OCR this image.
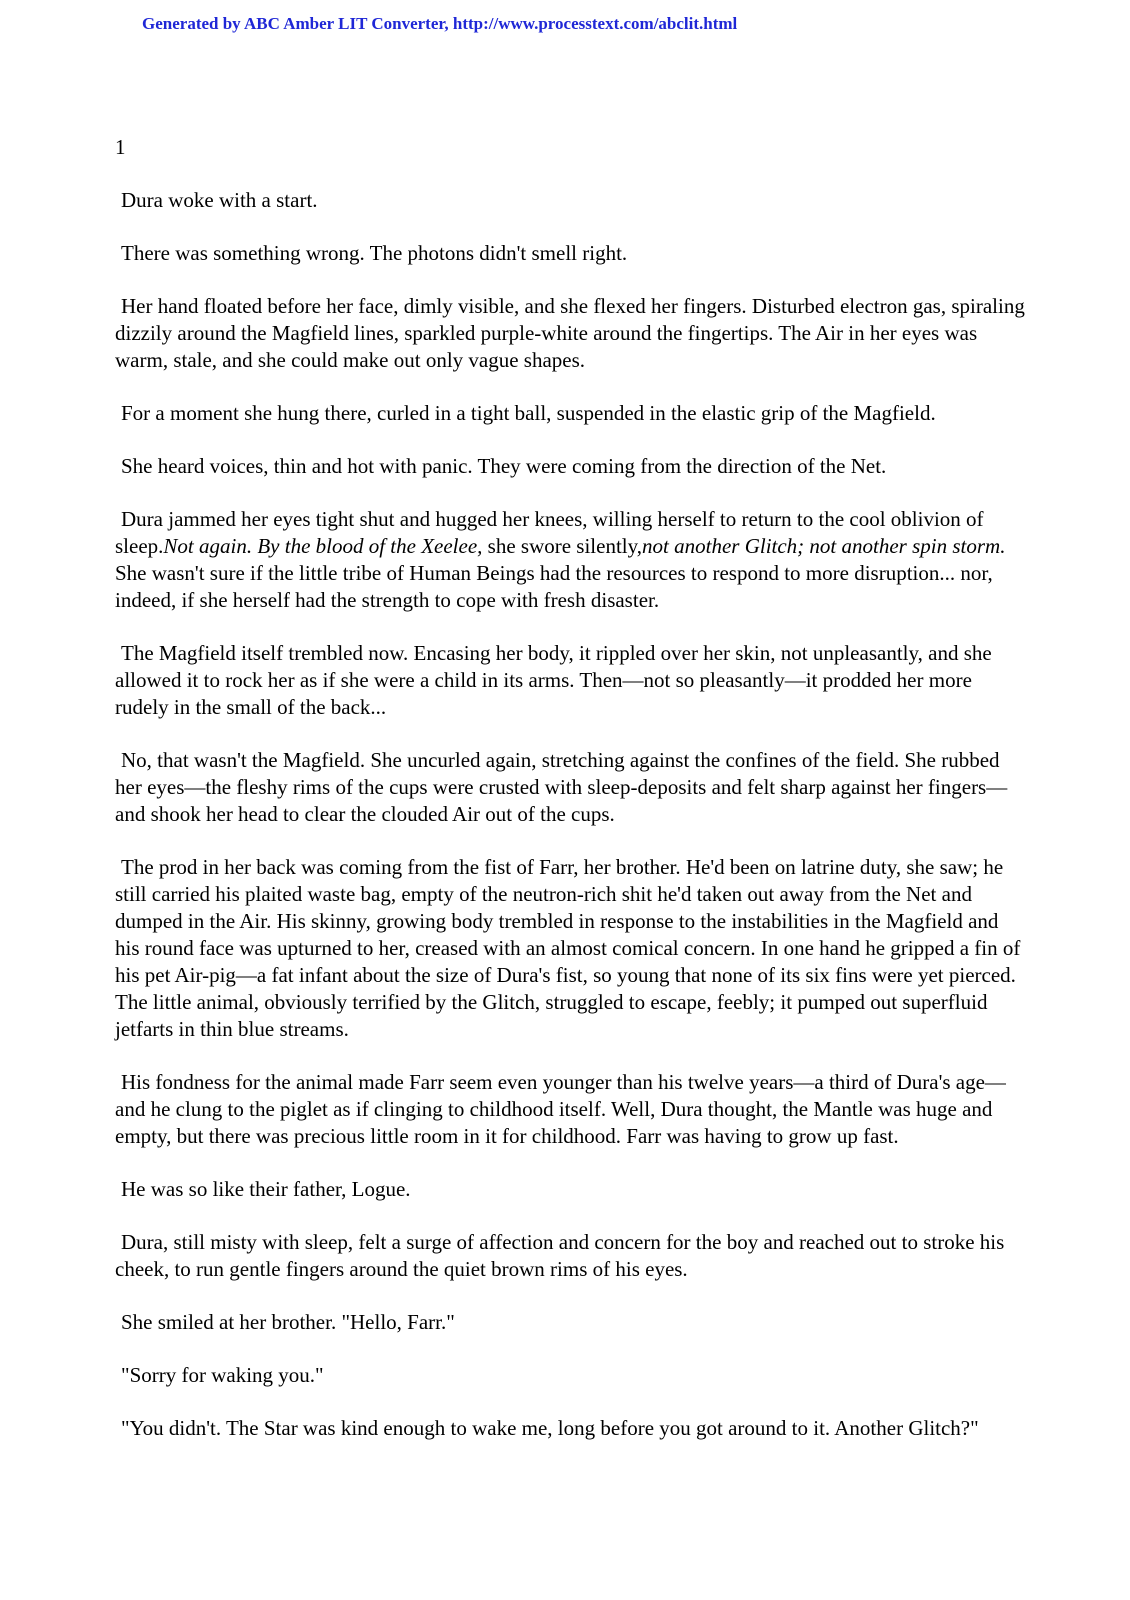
Generated by ABC Amber LIT Converter, http://www.processtext.com/abclit.html
1

Dura woke with a start.

There was something wrong. The photons didn't smell right.

Her hand floated before her face, dimly visible, and she flexed her fingers. Disturbed electron gas, spiraling dizzily around the Magfield lines, sparkled purple-white around the fingertips. The Air in her eyes was warm, stale, and she could make out only vague shapes.

For a moment she hung there, curled in a tight ball, suspended in the elastic grip of the Magfield.

She heard voices, thin and hot with panic. They were coming from the direction of the Net.

Dura jammed her eyes tight shut and hugged her knees, willing herself to return to the cool oblivion of sleep.Not again. By the blood of the Xeelee, she swore silently,not another Glitch; not another spin storm. She wasn't sure if the little tribe of Human Beings had the resources to respond to more disruption... nor, indeed, if she herself had the strength to cope with fresh disaster.

The Magfield itself trembled now. Encasing her body, it rippled over her skin, not unpleasantly, and she allowed it to rock her as if she were a child in its arms. Then—not so pleasantly—it prodded her more rudely in the small of the back...

No, that wasn't the Magfield. She uncurled again, stretching against the confines of the field. She rubbed her eyes—the fleshy rims of the cups were crusted with sleep-deposits and felt sharp against her fingers—and shook her head to clear the clouded Air out of the cups.

The prod in her back was coming from the fist of Farr, her brother. He'd been on latrine duty, she saw; he still carried his plaited waste bag, empty of the neutron-rich shit he'd taken out away from the Net and dumped in the Air. His skinny, growing body trembled in response to the instabilities in the Magfield and his round face was upturned to her, creased with an almost comical concern. In one hand he gripped a fin of his pet Air-pig—a fat infant about the size of Dura's fist, so young that none of its six fins were yet pierced. The little animal, obviously terrified by the Glitch, struggled to escape, feebly; it pumped out superfluid jetfarts in thin blue streams.

His fondness for the animal made Farr seem even younger than his twelve years—a third of Dura's age—and he clung to the piglet as if clinging to childhood itself. Well, Dura thought, the Mantle was huge and empty, but there was precious little room in it for childhood. Farr was having to grow up fast.

He was so like their father, Logue.

Dura, still misty with sleep, felt a surge of affection and concern for the boy and reached out to stroke his cheek, to run gentle fingers around the quiet brown rims of his eyes.

She smiled at her brother. "Hello, Farr."

"Sorry for waking you."

"You didn't. The Star was kind enough to wake me, long before you got around to it. Another Glitch?"
